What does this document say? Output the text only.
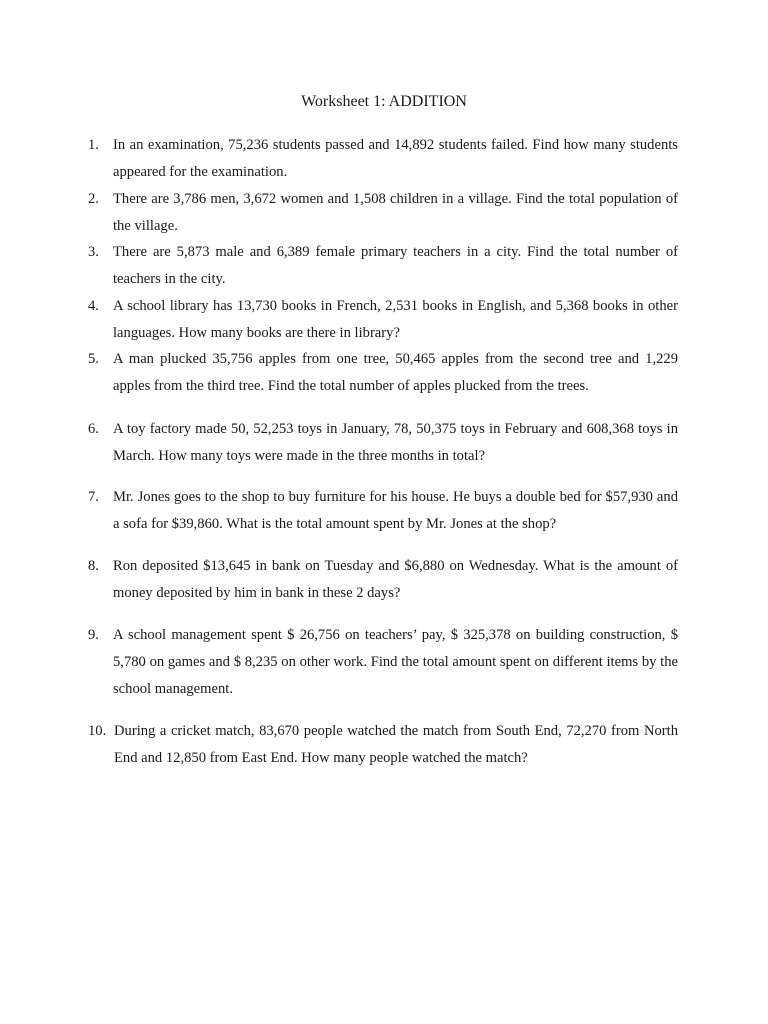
Worksheet 1: ADDITION
1. In an examination, 75,236 students passed and 14,892 students failed. Find how many students appeared for the examination.
2. There are 3,786 men, 3,672 women and 1,508 children in a village. Find the total population of the village.
3. There are 5,873 male and 6,389 female primary teachers in a city. Find the total number of teachers in the city.
4. A school library has 13,730 books in French, 2,531 books in English, and 5,368 books in other languages. How many books are there in library?
5. A man plucked 35,756 apples from one tree, 50,465 apples from the second tree and 1,229 apples from the third tree. Find the total number of apples plucked from the trees.
6. A toy factory made 50, 52,253 toys in January, 78, 50,375 toys in February and 608,368 toys in March. How many toys were made in the three months in total?
7. Mr. Jones goes to the shop to buy furniture for his house. He buys a double bed for $57,930 and a sofa for $39,860. What is the total amount spent by Mr. Jones at the shop?
8. Ron deposited $13,645 in bank on Tuesday and $6,880 on Wednesday. What is the amount of money deposited by him in bank in these 2 days?
9. A school management spent $ 26,756 on teachers’ pay, $ 325,378 on building construction, $ 5,780 on games and $ 8,235 on other work. Find the total amount spent on different items by the school management.
10. During a cricket match, 83,670 people watched the match from South End, 72,270 from North End and 12,850 from East End. How many people watched the match?
